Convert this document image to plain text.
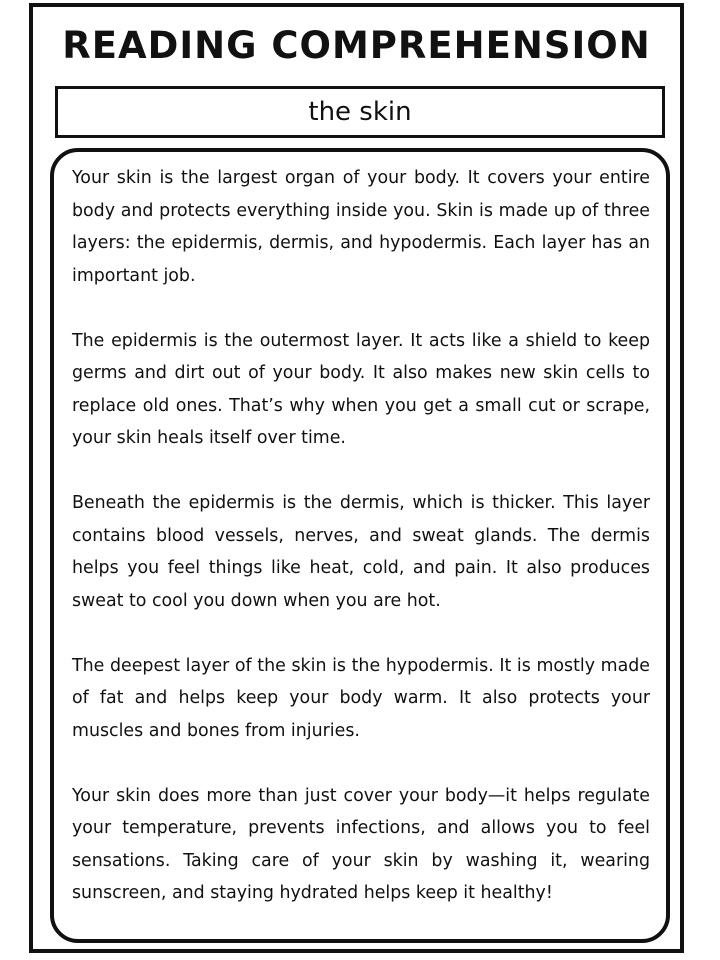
READING COMPREHENSION
the skin

Your skin is the largest organ of your body. It covers your entire body and protects everything inside you. Skin is made up of three layers: the epidermis, dermis, and hypodermis. Each layer has an important job.

The epidermis is the outermost layer. It acts like a shield to keep germs and dirt out of your body. It also makes new skin cells to replace old ones. That’s why when you get a small cut or scrape, your skin heals itself over time.

Beneath the epidermis is the dermis, which is thicker. This layer contains blood vessels, nerves, and sweat glands. The dermis helps you feel things like heat, cold, and pain. It also produces sweat to cool you down when you are hot.

The deepest layer of the skin is the hypodermis. It is mostly made of fat and helps keep your body warm. It also protects your muscles and bones from injuries.

Your skin does more than just cover your body—it helps regulate your temperature, prevents infections, and allows you to feel sensations. Taking care of your skin by washing it, wearing sunscreen, and staying hydrated helps keep it healthy!
